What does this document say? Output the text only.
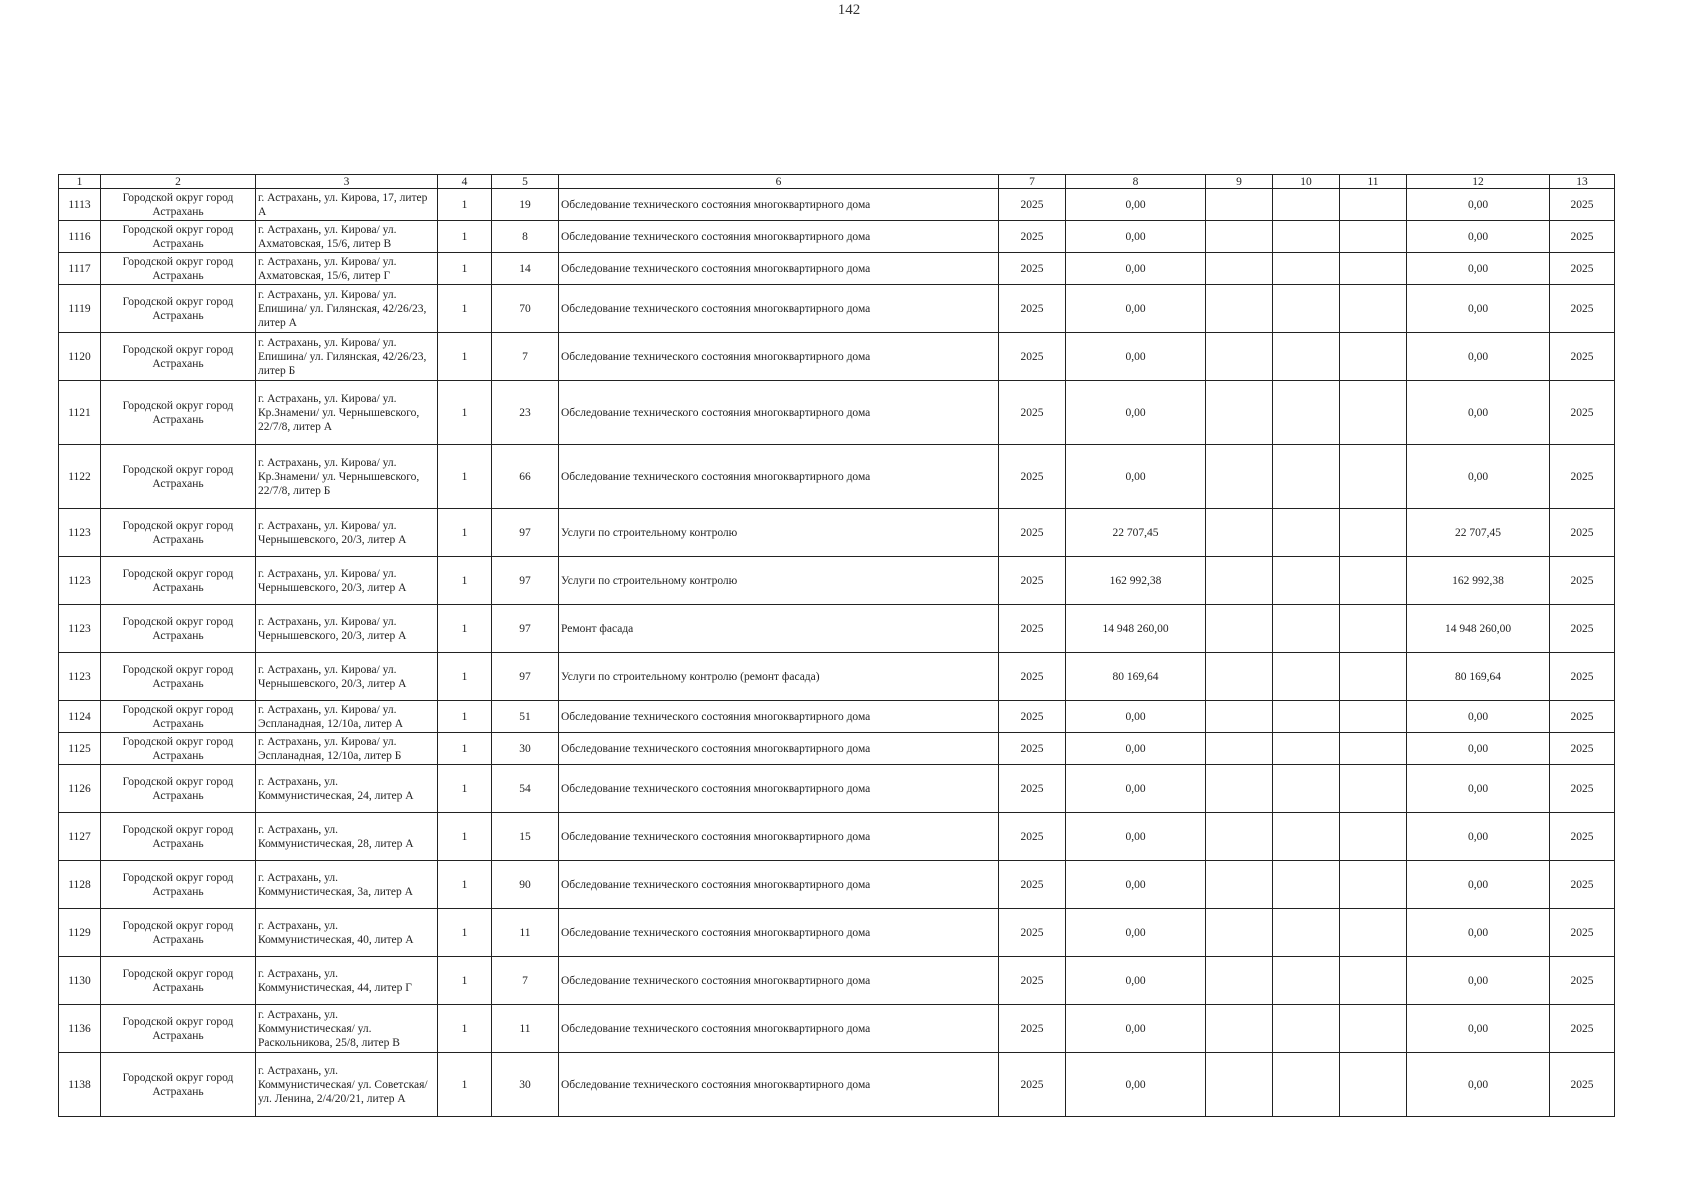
142
1	2	3	4	5	6	7	8	9	10	11	12	13
1113	Городской округ город Астрахань	г. Астрахань, ул. Кирова, 17, литер А	1	19	Обследование технического состояния многоквартирного дома	2025	0,00				0,00	2025
1116	Городской округ город Астрахань	г. Астрахань, ул. Кирова/ ул. Ахматовская, 15/6, литер В	1	8	Обследование технического состояния многоквартирного дома	2025	0,00				0,00	2025
1117	Городской округ город Астрахань	г. Астрахань, ул. Кирова/ ул. Ахматовская, 15/6, литер Г	1	14	Обследование технического состояния многоквартирного дома	2025	0,00				0,00	2025
1119	Городской округ город Астрахань	г. Астрахань, ул. Кирова/ ул. Епишина/ ул. Гилянская, 42/26/23, литер А	1	70	Обследование технического состояния многоквартирного дома	2025	0,00				0,00	2025
1120	Городской округ город Астрахань	г. Астрахань, ул. Кирова/ ул. Епишина/ ул. Гилянская, 42/26/23, литер Б	1	7	Обследование технического состояния многоквартирного дома	2025	0,00				0,00	2025
1121	Городской округ город Астрахань	г. Астрахань, ул. Кирова/ ул. Кр.Знамени/ ул. Чернышевского, 22/7/8, литер А	1	23	Обследование технического состояния многоквартирного дома	2025	0,00				0,00	2025
1122	Городской округ город Астрахань	г. Астрахань, ул. Кирова/ ул. Кр.Знамени/ ул. Чернышевского, 22/7/8, литер Б	1	66	Обследование технического состояния многоквартирного дома	2025	0,00				0,00	2025
1123	Городской округ город Астрахань	г. Астрахань, ул. Кирова/ ул. Чернышевского, 20/3, литер А	1	97	Услуги по строительному контролю	2025	22 707,45				22 707,45	2025
1123	Городской округ город Астрахань	г. Астрахань, ул. Кирова/ ул. Чернышевского, 20/3, литер А	1	97	Услуги по строительному контролю	2025	162 992,38				162 992,38	2025
1123	Городской округ город Астрахань	г. Астрахань, ул. Кирова/ ул. Чернышевского, 20/3, литер А	1	97	Ремонт фасада	2025	14 948 260,00				14 948 260,00	2025
1123	Городской округ город Астрахань	г. Астрахань, ул. Кирова/ ул. Чернышевского, 20/3, литер А	1	97	Услуги по строительному контролю (ремонт фасада)	2025	80 169,64				80 169,64	2025
1124	Городской округ город Астрахань	г. Астрахань, ул. Кирова/ ул. Эспланадная, 12/10а, литер А	1	51	Обследование технического состояния многоквартирного дома	2025	0,00				0,00	2025
1125	Городской округ город Астрахань	г. Астрахань, ул. Кирова/ ул. Эспланадная, 12/10а, литер Б	1	30	Обследование технического состояния многоквартирного дома	2025	0,00				0,00	2025
1126	Городской округ город Астрахань	г. Астрахань, ул. Коммунистическая, 24, литер А	1	54	Обследование технического состояния многоквартирного дома	2025	0,00				0,00	2025
1127	Городской округ город Астрахань	г. Астрахань, ул. Коммунистическая, 28, литер А	1	15	Обследование технического состояния многоквартирного дома	2025	0,00				0,00	2025
1128	Городской округ город Астрахань	г. Астрахань, ул. Коммунистическая, 3а, литер А	1	90	Обследование технического состояния многоквартирного дома	2025	0,00				0,00	2025
1129	Городской округ город Астрахань	г. Астрахань, ул. Коммунистическая, 40, литер А	1	11	Обследование технического состояния многоквартирного дома	2025	0,00				0,00	2025
1130	Городской округ город Астрахань	г. Астрахань, ул. Коммунистическая, 44, литер Г	1	7	Обследование технического состояния многоквартирного дома	2025	0,00				0,00	2025
1136	Городской округ город Астрахань	г. Астрахань, ул. Коммунистическая/ ул. Раскольникова, 25/8, литер В	1	11	Обследование технического состояния многоквартирного дома	2025	0,00				0,00	2025
1138	Городской округ город Астрахань	г. Астрахань, ул. Коммунистическая/ ул. Советская/ ул. Ленина, 2/4/20/21, литер А	1	30	Обследование технического состояния многоквартирного дома	2025	0,00				0,00	2025
